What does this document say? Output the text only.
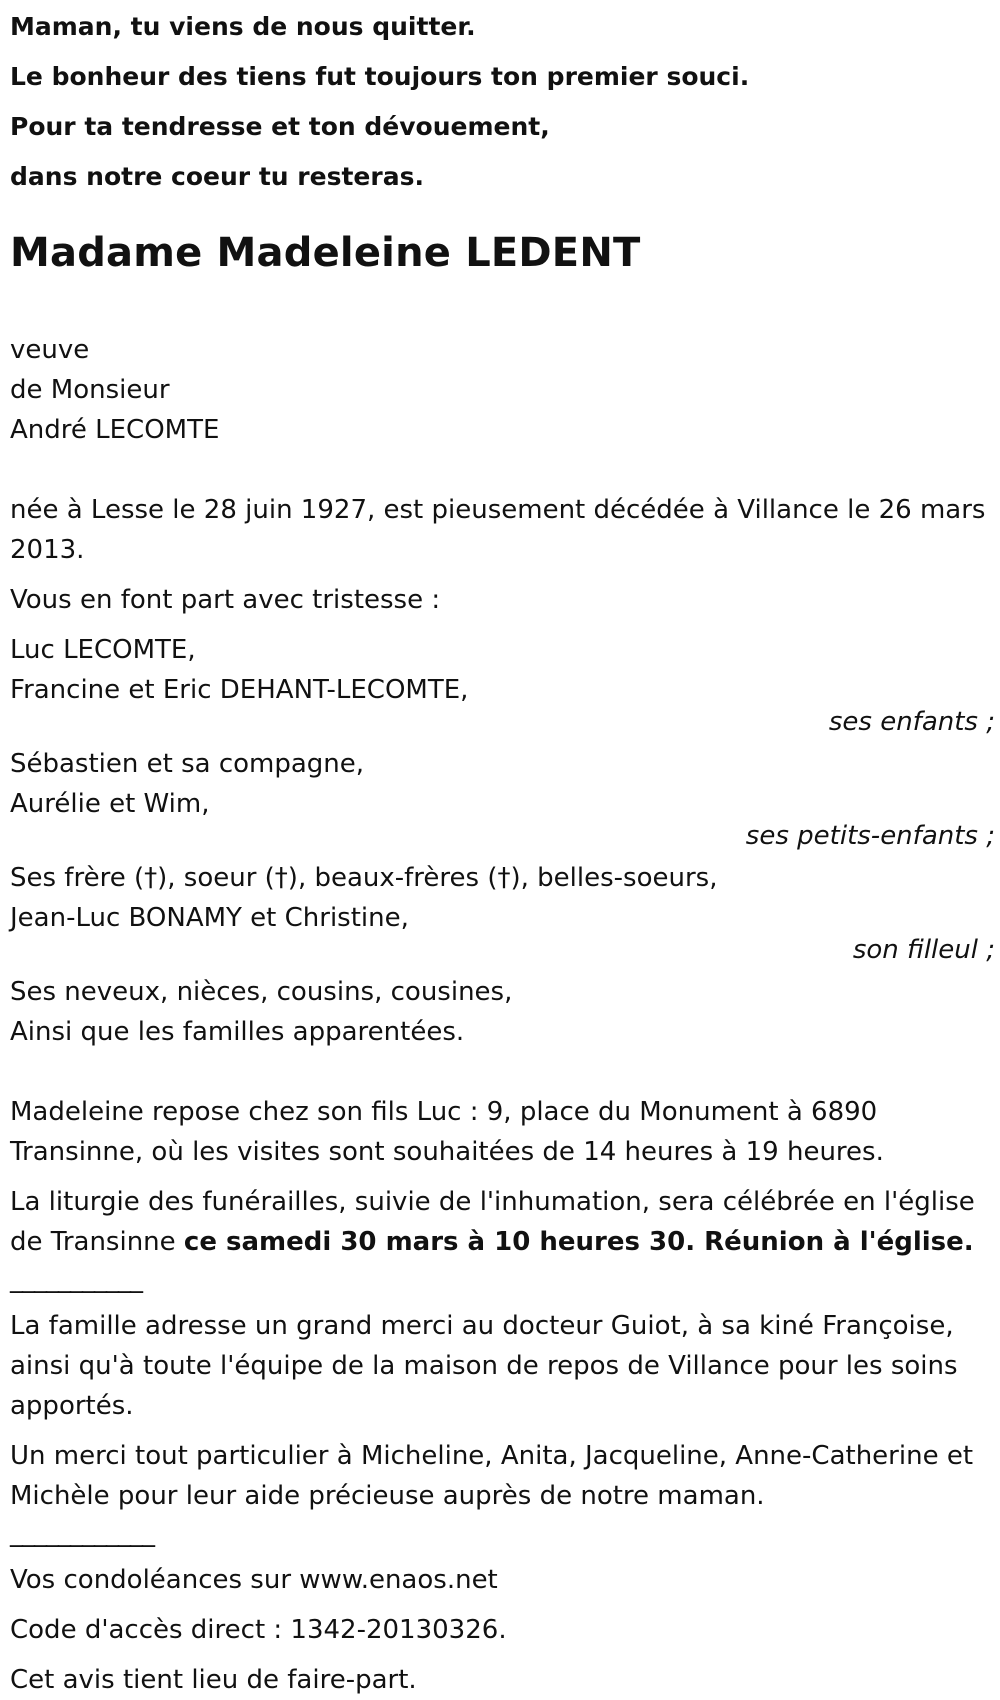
Maman, tu viens de nous quitter.

Le bonheur des tiens fut toujours ton premier souci.

Pour ta tendresse et ton dévouement,

dans notre coeur tu resteras.

Madame Madeleine LEDENT

veuve

de Monsieur

André LECOMTE

née à Lesse le 28 juin 1927, est pieusement décédée à Villance le 26 mars 2013.

Vous en font part avec tristesse :

Luc LECOMTE,

Francine et Eric DEHANT-LECOMTE,

ses enfants ;

Sébastien et sa compagne,

Aurélie et Wim,

ses petits-enfants ;

Ses frère (†), soeur (†), beaux-frères (†), belles-soeurs,

Jean-Luc BONAMY et Christine,

son filleul ;

Ses neveux, nièces, cousins, cousines,

Ainsi que les familles apparentées.

Madeleine repose chez son fils Luc : 9, place du Monument à 6890 Transinne, où les visites sont souhaitées de 14 heures à 19 heures.

La liturgie des funérailles, suivie de l'inhumation, sera célébrée en l'église de Transinne ce samedi 30 mars à 10 heures 30. Réunion à l'église.

___________

La famille adresse un grand merci au docteur Guiot, à sa kiné Françoise, ainsi qu'à toute l'équipe de la maison de repos de Villance pour les soins apportés.

Un merci tout particulier à Micheline, Anita, Jacqueline, Anne-Catherine et Michèle pour leur aide précieuse auprès de notre maman.

____________

Vos condoléances sur www.enaos.net

Code d'accès direct : 1342-20130326.

Cet avis tient lieu de faire-part.
